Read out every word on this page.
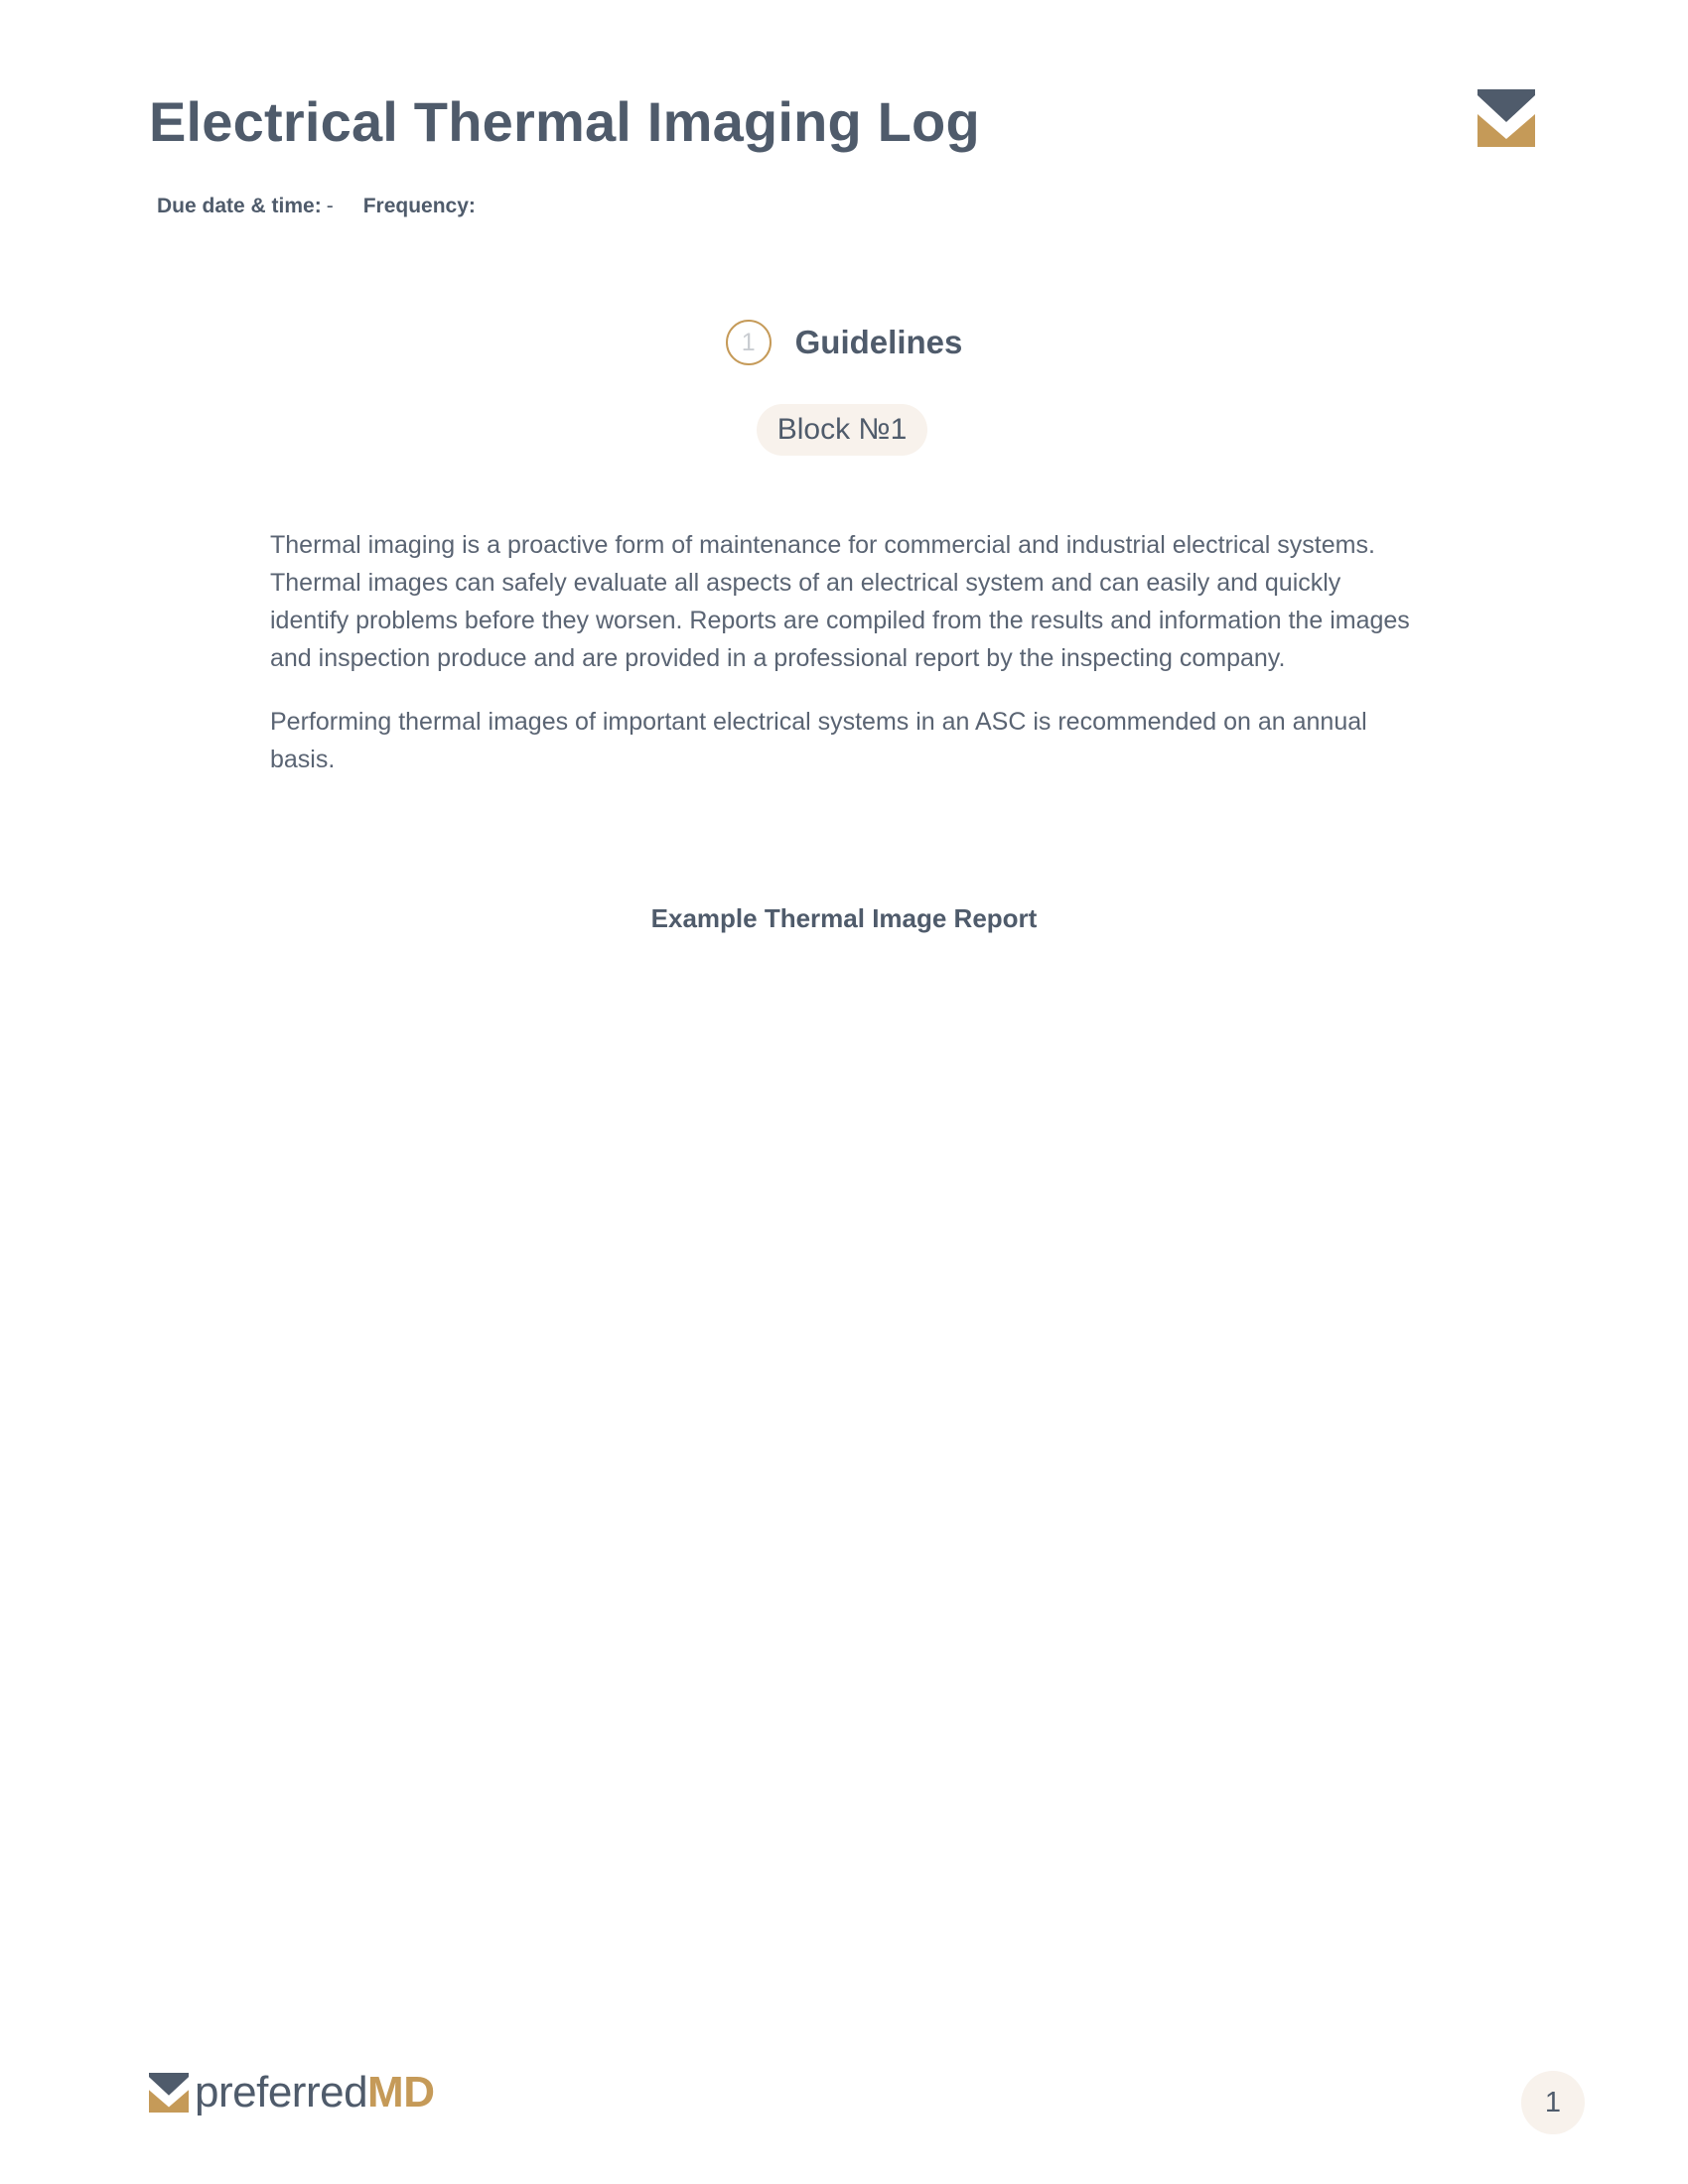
Electrical Thermal Imaging Log
Due date & time: - Frequency:
1	Guidelines
Block №1

Thermal imaging is a proactive form of maintenance for commercial and industrial electrical systems. Thermal images can safely evaluate all aspects of an electrical system and can easily and quickly identify problems before they worsen. Reports are compiled from the results and information the images and inspection produce and are provided in a professional report by the inspecting company.

Performing thermal images of important electrical systems in an ASC is recommended on an annual basis.

Example Thermal Image Report
preferredMD	1
